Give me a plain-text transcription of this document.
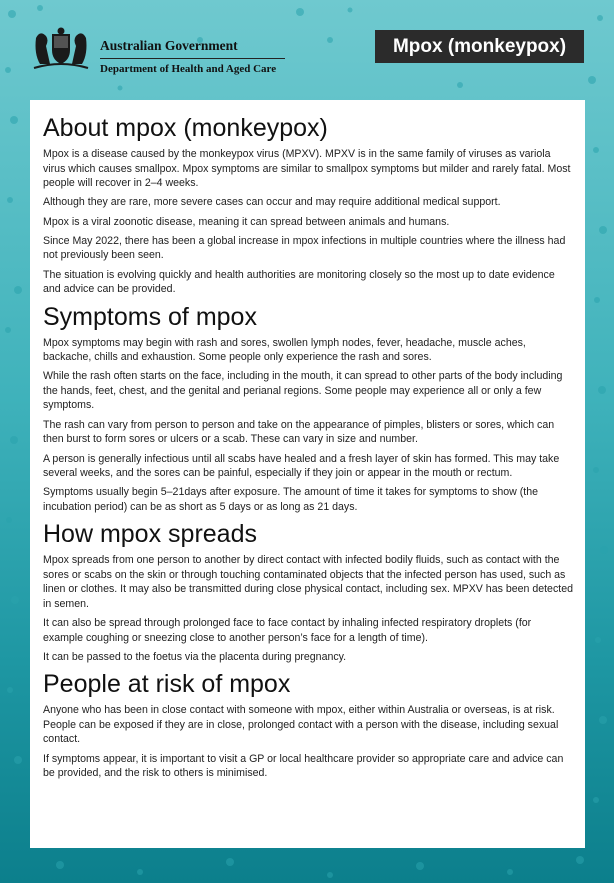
Australian Government
Department of Health and Aged Care
Mpox (monkeypox)
About mpox (monkeypox)

Mpox is a disease caused by the monkeypox virus (MPXV). MPXV is in the same family of viruses as variola virus which causes smallpox. Mpox symptoms are similar to smallpox symptoms but milder and rarely fatal. Most people will recover in 2–4 weeks.

Although they are rare, more severe cases can occur and may require additional medical support.

Mpox is a viral zoonotic disease, meaning it can spread between animals and humans.

Since May 2022, there has been a global increase in mpox infections in multiple countries where the illness had not previously been seen.

The situation is evolving quickly and health authorities are monitoring closely so the most up to date evidence and advice can be provided.

Symptoms of mpox

Mpox symptoms may begin with rash and sores, swollen lymph nodes, fever, headache, muscle aches, backache, chills and exhaustion. Some people only experience the rash and sores.

While the rash often starts on the face, including in the mouth, it can spread to other parts of the body including the hands, feet, chest, and the genital and perianal regions. Some people may experience all or only a few symptoms.

The rash can vary from person to person and take on the appearance of pimples, blisters or sores, which can then burst to form sores or ulcers or a scab. These can vary in size and number.

A person is generally infectious until all scabs have healed and a fresh layer of skin has formed. This may take several weeks, and the sores can be painful, especially if they join or appear in the mouth or rectum.

Symptoms usually begin 5–21days after exposure. The amount of time it takes for symptoms to show (the incubation period) can be as short as 5 days or as long as 21 days.

How mpox spreads

Mpox spreads from one person to another by direct contact with infected bodily fluids, such as contact with the sores or scabs on the skin or through touching contaminated objects that the infected person has used, such as linen or clothes. It may also be transmitted during close physical contact, including sex. MPXV has been detected in semen.

It can also be spread through prolonged face to face contact by inhaling infected respiratory droplets (for example coughing or sneezing close to another person’s face for a length of time).

It can be passed to the foetus via the placenta during pregnancy.

People at risk of mpox

Anyone who has been in close contact with someone with mpox, either within Australia or overseas, is at risk. People can be exposed if they are in close, prolonged contact with a person with the disease, including sexual contact.

If symptoms appear, it is important to visit a GP or local healthcare provider so appropriate care and advice can be provided, and the risk to others is minimised.
